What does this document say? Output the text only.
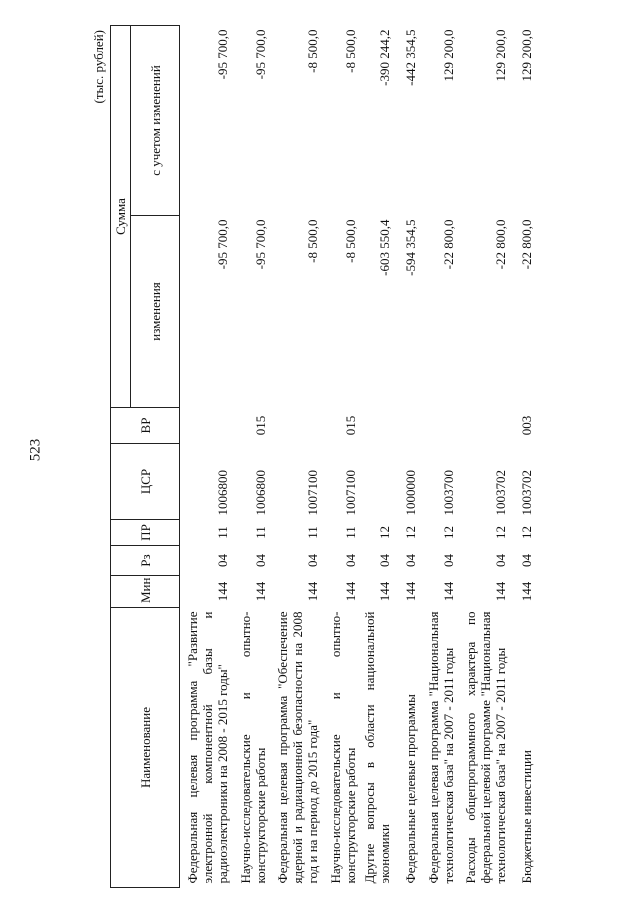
523
(тыс. рублей)
Наименование	Мин	Рз	ПР	ЦСР	ВР	Сумма	
						изменения	с учетом изменений
Федеральная целевая программа "Развитие электронной компонентной базы и радиоэлектроники на 2008 - 2015 годы"	144	04	11	1006800		-95 700,0	-95 700,0
Научно-исследовательские и опытно-конструкторские работы	144	04	11	1006800	015	-95 700,0	-95 700,0
Федеральная целевая программа "Обеспечение ядерной и радиационной безопасности на 2008 год и на период до 2015 года"	144	04	11	1007100		-8 500,0	-8 500,0
Научно-исследовательские и опытно-конструкторские работы	144	04	11	1007100	015	-8 500,0	-8 500,0
Другие вопросы в области национальной экономики	144	04	12			-603 550,4	-390 244,2
Федеральные целевые программы	144	04	12	1000000		-594 354,5	-442 354,5
Федеральная целевая программа "Национальная технологическая база" на 2007 - 2011 годы	144	04	12	1003700		-22 800,0	129 200,0
Расходы общепрограммного характера по федеральной целевой программе "Национальная технологическая база" на 2007 - 2011 годы	144	04	12	1003702		-22 800,0	129 200,0
Бюджетные инвестиции	144	04	12	1003702	003	-22 800,0	129 200,0
